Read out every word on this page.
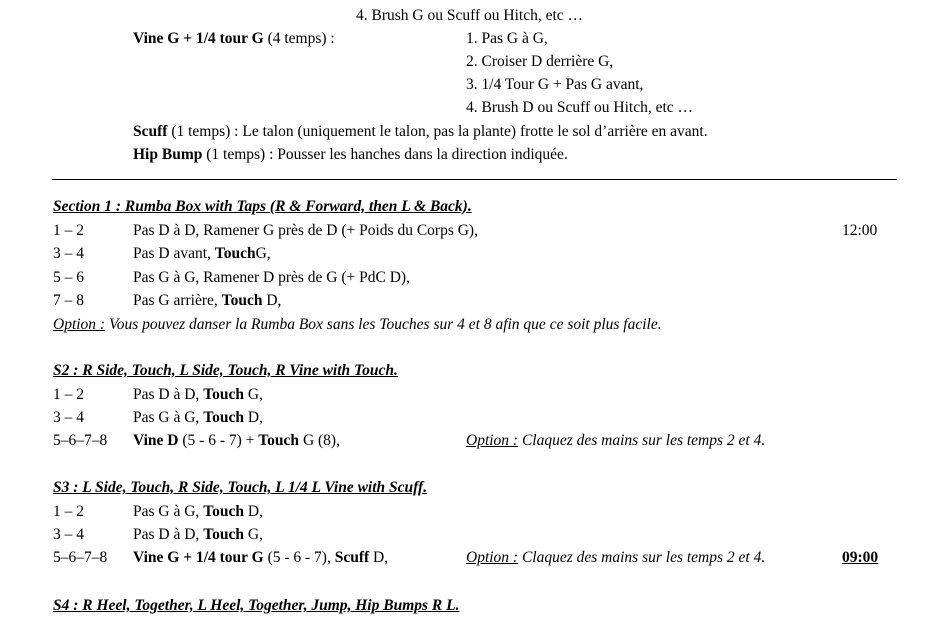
4. Brush G ou Scuff ou Hitch, etc …
Vine G + 1/4 tour G (4 temps) :	1. Pas G à G,
2. Croiser D derrière G,
3. 1/4 Tour G + Pas G avant,
4. Brush D ou Scuff ou Hitch, etc …
Scuff (1 temps) : Le talon (uniquement le talon, pas la plante) frotte le sol d’arrière en avant.
Hip Bump (1 temps) : Pousser les hanches dans la direction indiquée.
Section 1 : Rumba Box with Taps (R & Forward, then L & Back).
1 – 2	Pas D à D, Ramener G près de D (+ Poids du Corps G),	12:00
3 – 4	Pas D avant, TouchG,
5 – 6	Pas G à G, Ramener D près de G (+ PdC D),
7 – 8	Pas G arrière, Touch D,
Option : Vous pouvez danser la Rumba Box sans les Touches sur 4 et 8 afin que ce soit plus facile.
S2 : R Side, Touch, L Side, Touch, R Vine with Touch.
1 – 2	Pas D à D, Touch G,
3 – 4	Pas G à G, Touch D,
5–6–7–8 Vine D (5 - 6 - 7) + Touch G (8),	Option : Claquez des mains sur les temps 2 et 4.
S3 : L Side, Touch, R Side, Touch, L 1/4 L Vine with Scuff.
1 – 2	Pas G à G, Touch D,
3 – 4	Pas D à D, Touch G,
5–6–7–8 Vine G + 1/4 tour G (5 - 6 - 7), Scuff D,	Option : Claquez des mains sur les temps 2 et 4.	09:00
S4 : R Heel, Together, L Heel, Together, Jump, Hip Bumps R L.
